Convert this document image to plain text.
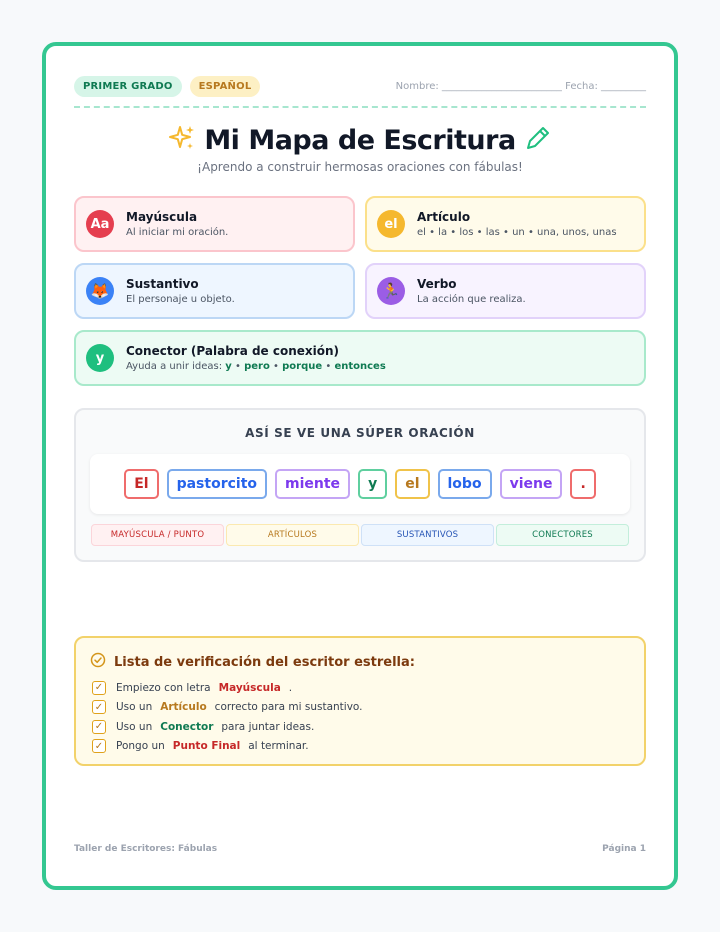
PRIMER GRADO	ESPAÑOL	Nombre: ________________________ Fecha: _________
Mi Mapa de Escritura
¡Aprendo a construir hermosas oraciones con fábulas!
Aa	Mayúscula
Al iniciar mi oración.
el	Artículo
el • la • los • las • un • una, unos, unas
🦊	Sustantivo
El personaje u objeto.	🏃	Verbo
La acción que realiza.
y	Conector (Palabra de conexión)
Ayuda a unir ideas: y • pero • porque • entonces
ASÍ SE VE UNA SÚPER ORACIÓN
El	pastorcito	miente	y	el	lobo	viene	.
MAYÚSCULA / PUNTO	ARTÍCULOS	SUSTANTIVOS	CONECTORES
Lista de verificación del escritor estrella:
✓ Empiezo con letra Mayúscula .
✓ Uso un Artículo correcto para mi sustantivo.
✓ Uso un Conector para juntar ideas.
✓ Pongo un Punto Final al terminar.
Taller de Escritores: Fábulas	Página 1
